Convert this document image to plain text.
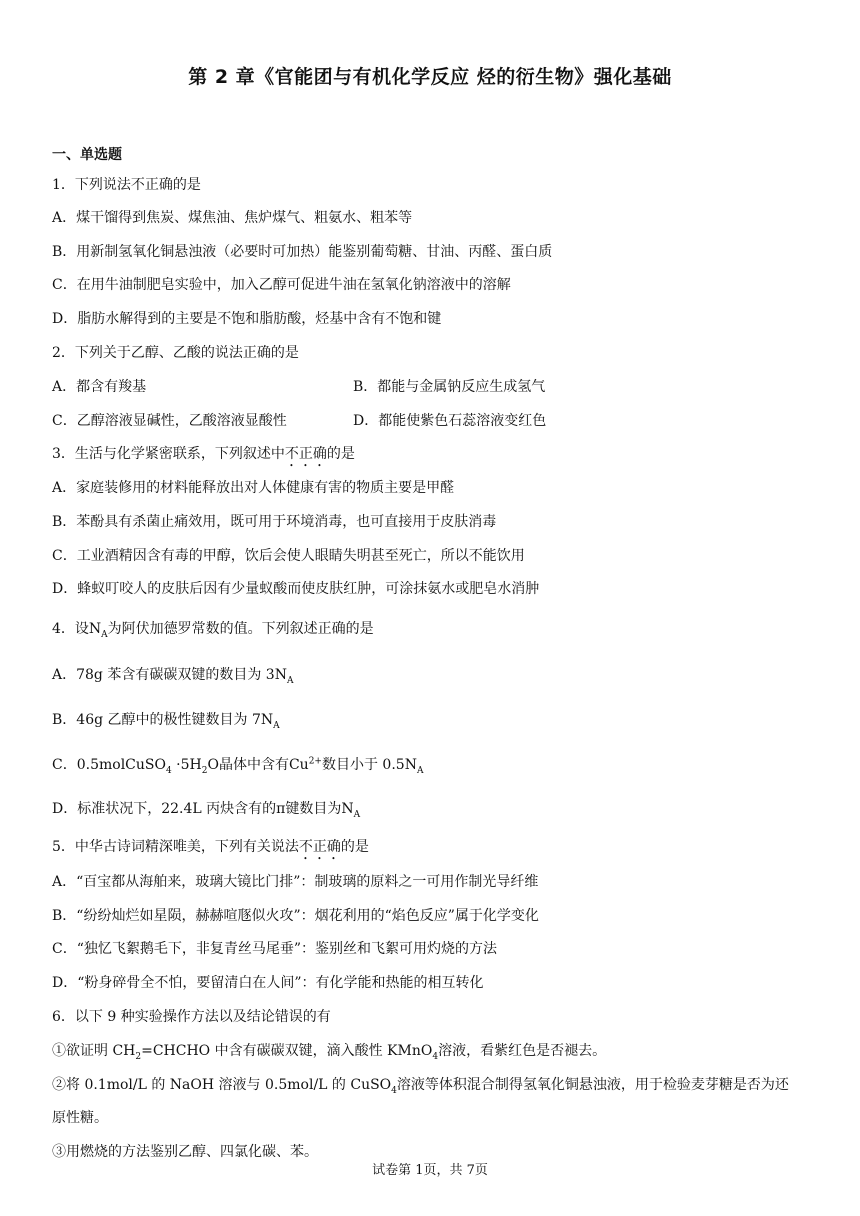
第 2 章《官能团与有机化学反应 烃的衍生物》强化基础
一、单选题
1．下列说法不正确的是
A．煤干馏得到焦炭、煤焦油、焦炉煤气、粗氨水、粗苯等
B．用新制氢氧化铜悬浊液（必要时可加热）能鉴别葡萄糖、甘油、丙醛、蛋白质
C．在用牛油制肥皂实验中，加入乙醇可促进牛油在氢氧化钠溶液中的溶解
D．脂肪水解得到的主要是不饱和脂肪酸，烃基中含有不饱和键
2．下列关于乙醇、乙酸的说法正确的是
A．都含有羧基	B．都能与金属钠反应生成氢气
C．乙醇溶液显碱性，乙酸溶液显酸性	D．都能使紫色石蕊溶液变红色
3．生活与化学紧密联系，下列叙述中不正确的是
A．家庭装修用的材料能释放出对人体健康有害的物质主要是甲醛
B．苯酚具有杀菌止痛效用，既可用于环境消毒，也可直接用于皮肤消毒
C．工业酒精因含有毒的甲醇，饮后会使人眼睛失明甚至死亡，所以不能饮用
D．蜂蚁叮咬人的皮肤后因有少量蚁酸而使皮肤红肿，可涂抹氨水或肥皂水消肿
4．设$N_A$为阿伏加德罗常数的值。下列叙述正确的是
A．78g 苯含有碳碳双键的数目为 $3N_A$
B．46g 乙醇中的极性键数目为 $7N_A$
C．0.5molCuSO$_4$ $\cdot 5H_2O$晶体中含有$Cu^{2+}$数目小于 $0.5N_A$
D．标准状况下，22.4L 丙炔含有的π键数目为$N_A$
5．中华古诗词精深唯美，下列有关说法不正确的是
A．“百宝都从海舶来，玻璃大镜比门排”：制玻璃的原料之一可用作制光导纤维
B．“纷纷灿烂如星陨，赫赫喧豗似火攻”：烟花利用的“焰色反应”属于化学变化
C．“独忆飞絮鹅毛下，非复青丝马尾垂”：鉴别丝和飞絮可用灼烧的方法
D．“粉身碎骨全不怕，要留清白在人间”：有化学能和热能的相互转化
6．以下 9 种实验操作方法以及结论错误的有
①欲证明 $CH_2=CHCHO$ 中含有碳碳双键，滴入酸性 KMnO$_4$溶液，看紫红色是否褪去。
②将 0.1mol/L 的 NaOH 溶液与 0.5mol/L 的 CuSO$_4$溶液等体积混合制得氢氧化铜悬浊液，用于检验麦芽糖是否为还
原性糖。
③用燃烧的方法鉴别乙醇、四氯化碳、苯。
试卷第 1页，共 7页
